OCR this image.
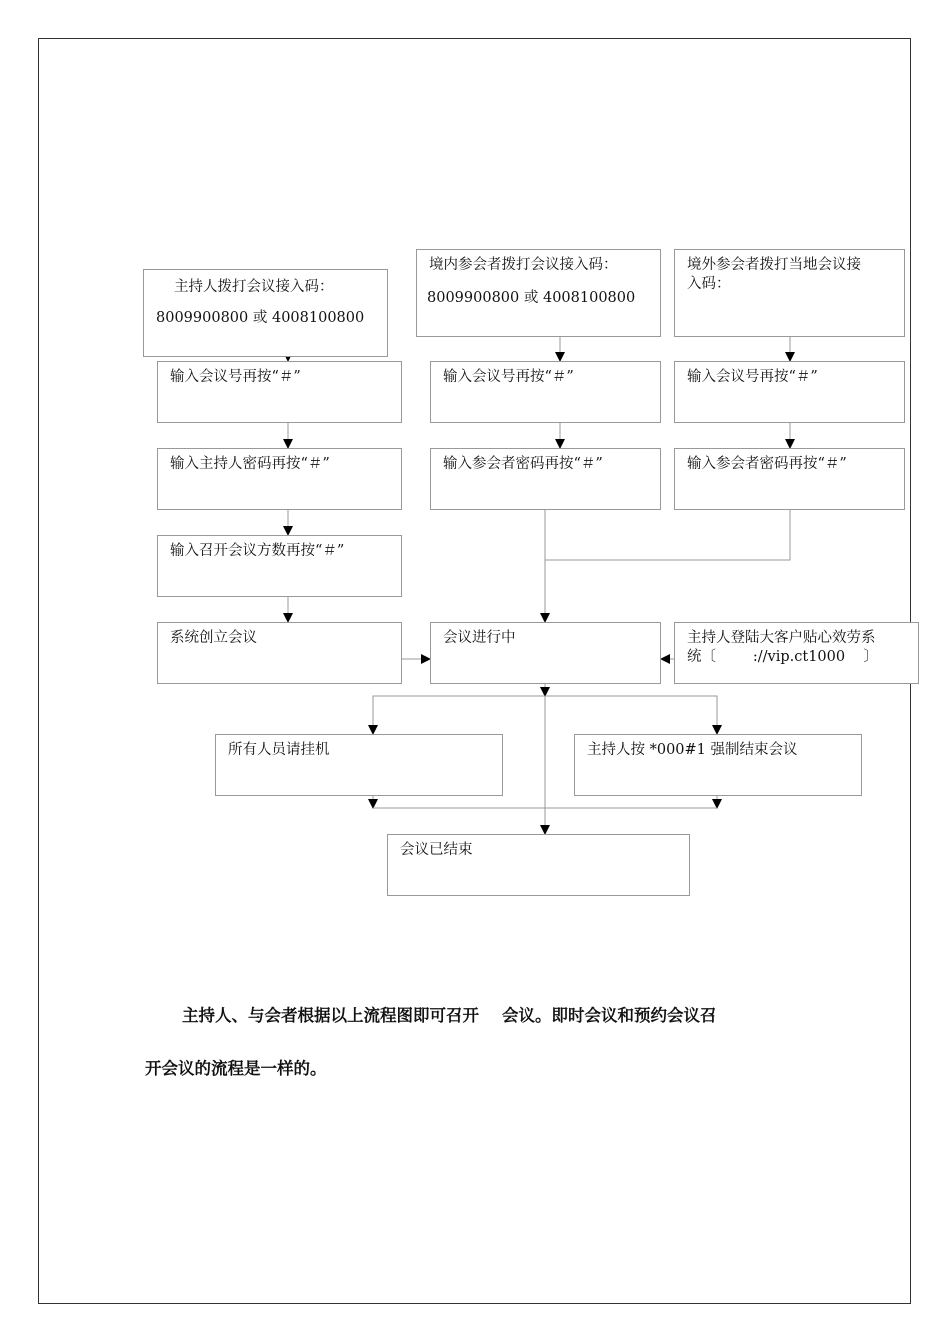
主持人拨打会议接入码：
8009900800 或 4008100800
境内参会者拨打会议接入码：
8009900800 或 4008100800
境外参会者拨打当地会议接
入码：
输入会议号再按“＃”	输入会议号再按“＃”	输入会议号再按“＃”
输入主持人密码再按“＃”	输入参会者密码再按“＃”	输入参会者密码再按“＃”
输入召开会议方数再按“＃”
系统创立会议	会议进行中	主持人登陆大客户贴心效劳系
统〔        ://vip.ct1000    〕
所有人员请挂机	主持人按 *000#1 强制结束会议
会议已结束
主持人、与会者根据以上流程图即可召开    会议。即时会议和预约会议召
开会议的流程是一样的。
